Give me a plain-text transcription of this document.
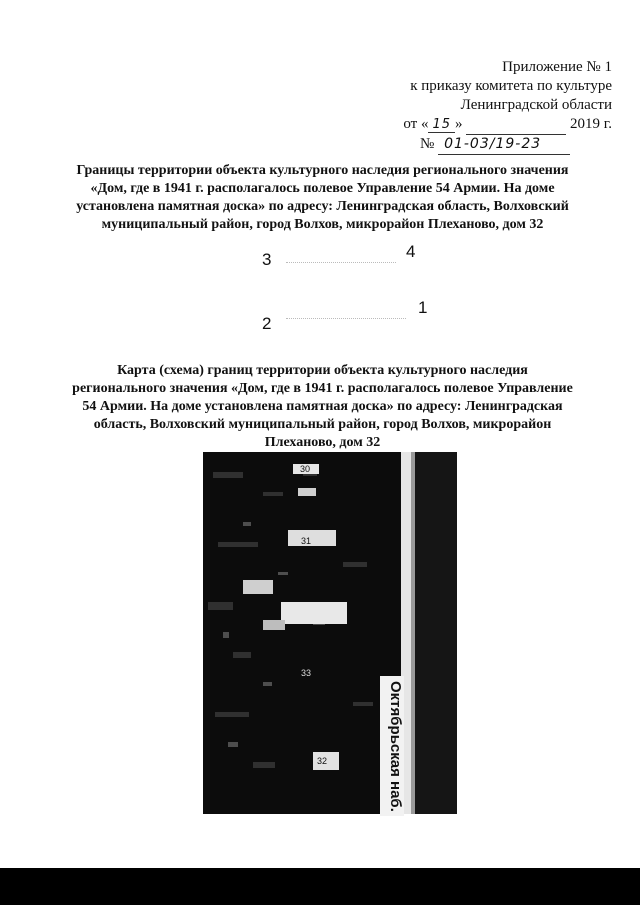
Приложение № 1
к приказу комитета по культуре
Ленинградской области
от « 15 »	2019 г.
№ 01-03/19-23
Границы территории объекта культурного наследия регионального значения «Дом, где в 1941 г. располагалось полевое Управление 54 Армии. На доме установлена памятная доска» по адресу: Ленинградская область, Волховский муниципальный район, город Волхов, микрорайон Плеханово, дом 32
3	4
2
1
Карта (схема) границ территории объекта культурного наследия регионального значения «Дом, где в 1941 г. располагалось полевое Управление 54 Армии. На доме установлена памятная доска» по адресу: Ленинградская область, Волховский муниципальный район, город Волхов, микрорайон Плеханово, дом 32
30
31
33
32	Октябрьская наб.
